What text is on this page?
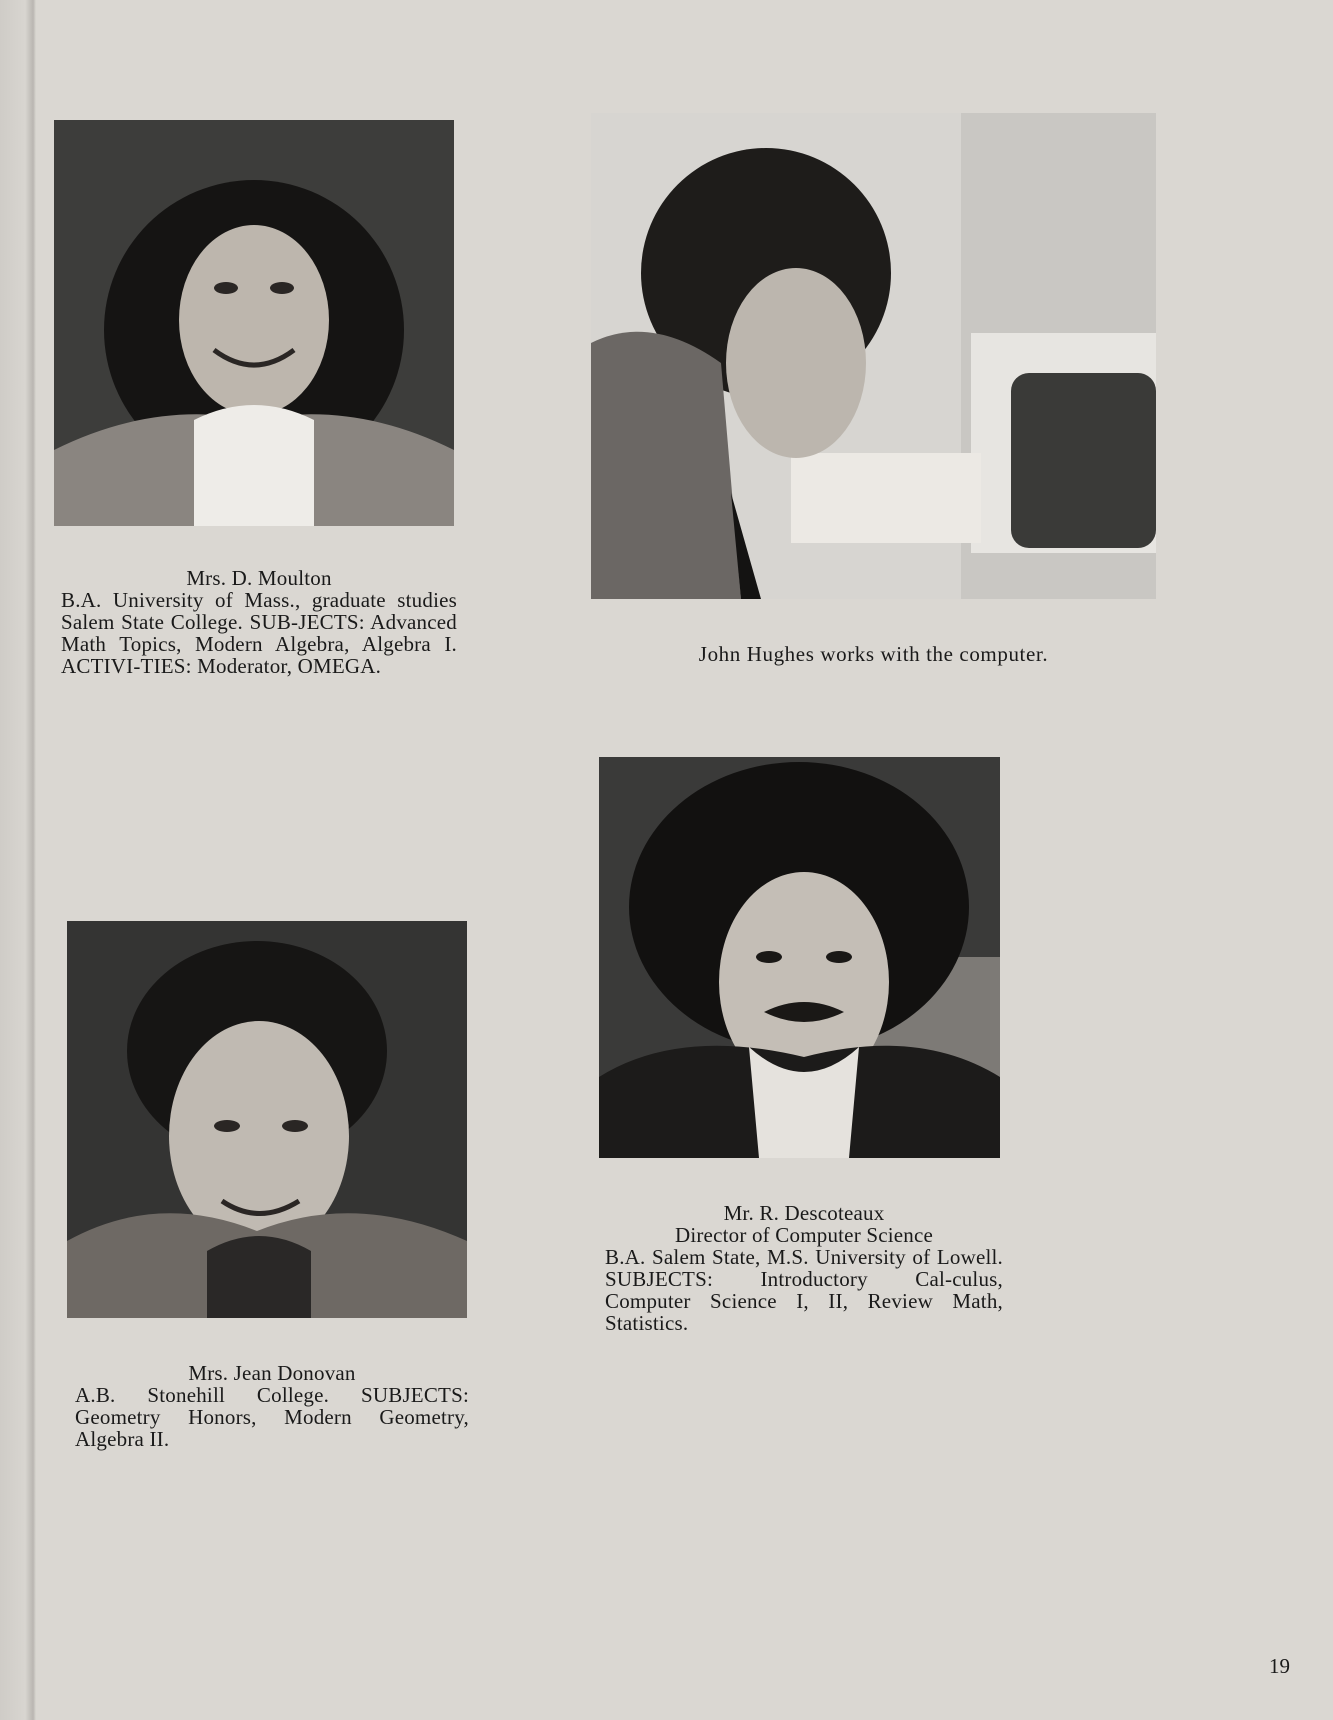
Mrs. D. Moulton
B.A. University of Mass., graduate studies Salem State College. SUB-JECTS: Advanced Math Topics, Modern Algebra, Algebra I. ACTIVI-TIES: Moderator, OMEGA.	John Hughes works with the computer.
Mr. R. Descoteaux
Director of Computer Science
B.A. Salem State, M.S. University of Lowell. SUBJECTS: Introductory Cal-culus, Computer Science I, II, Review Math, Statistics.
Mrs. Jean Donovan
A.B. Stonehill College. SUBJECTS: Geometry Honors, Modern Geometry, Algebra II.
19
